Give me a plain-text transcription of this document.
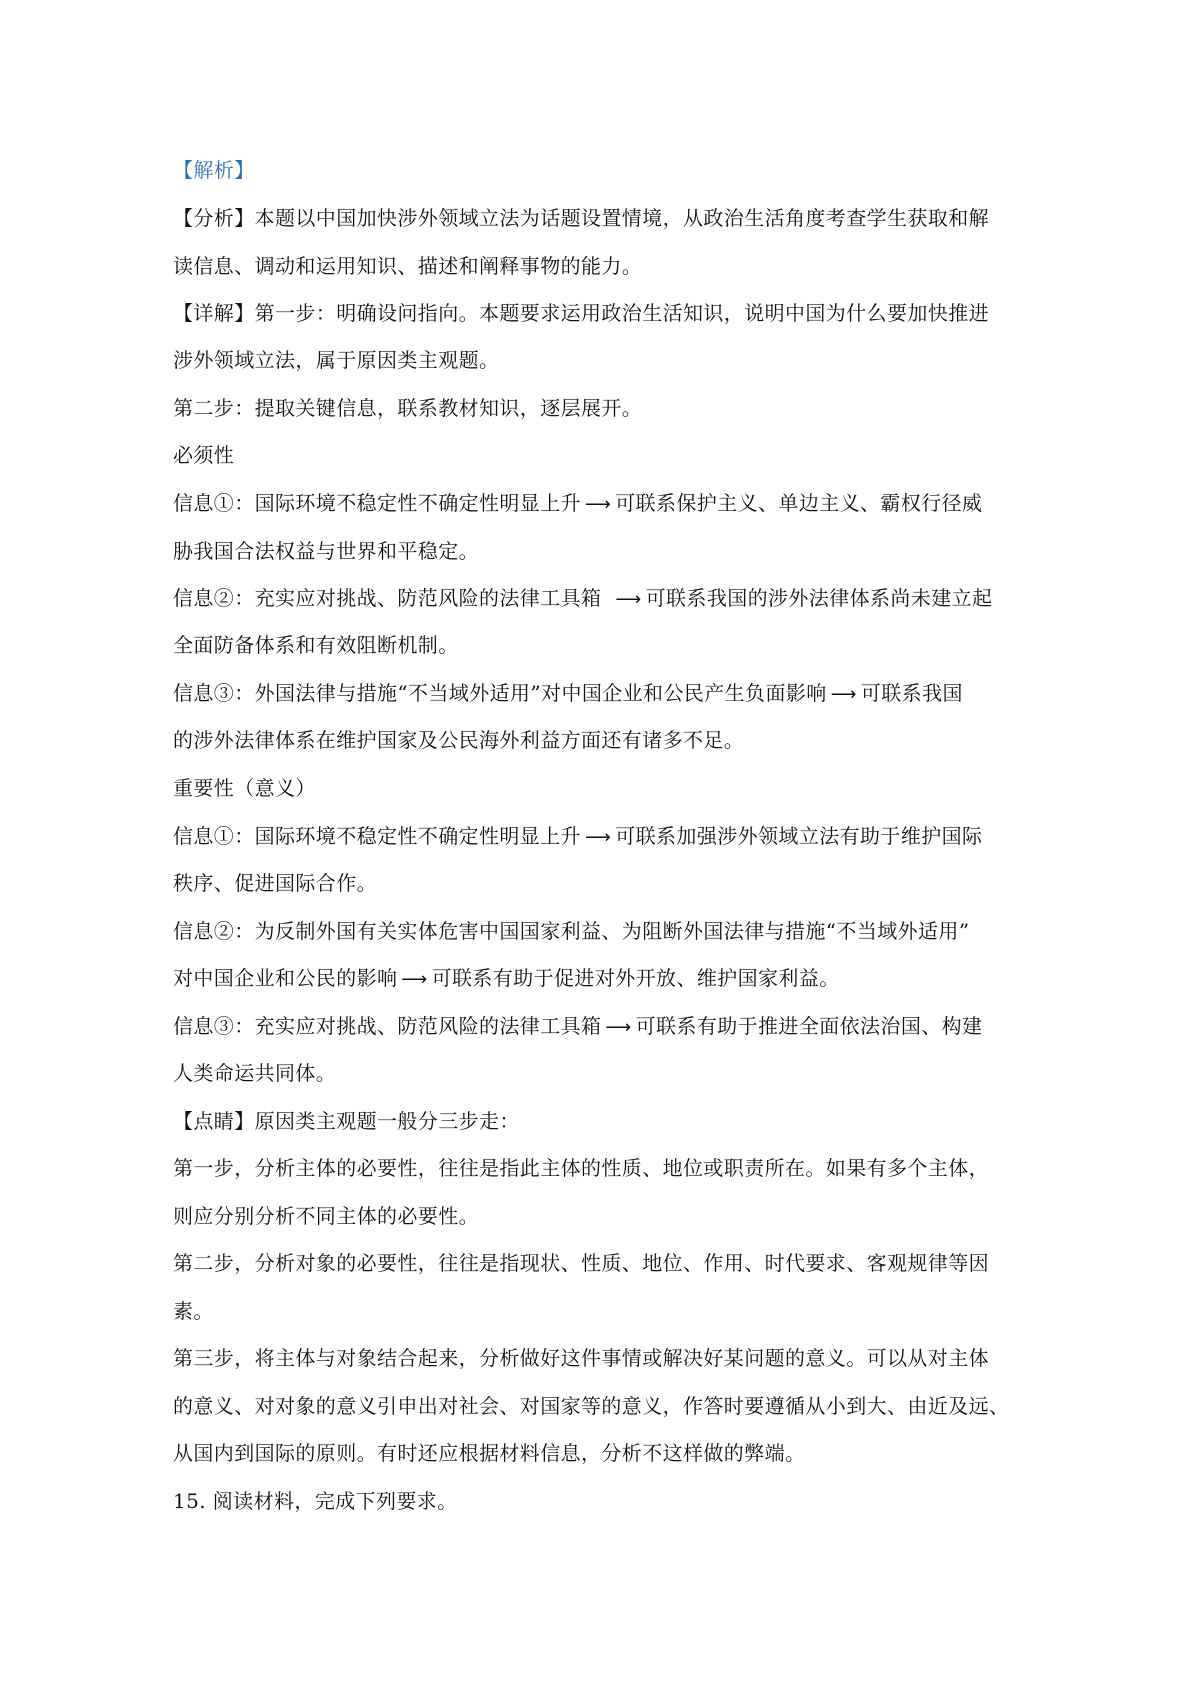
【解析】
【分析】本题以中国加快涉外领域立法为话题设置情境，从政治生活角度考查学生获取和解
读信息、调动和运用知识、描述和阐释事物的能力。
【详解】第一步：明确设问指向。本题要求运用政治生活知识，说明中国为什么要加快推进
涉外领域立法，属于原因类主观题。
第二步：提取关键信息，联系教材知识，逐层展开。
必须性
信息①：国际环境不稳定性不确定性明显上升 ⟶ 可联系保护主义、单边主义、霸权行径威
胁我国合法权益与世界和平稳定。
信息②：充实应对挑战、防范风险的法律工具箱 ⟶ 可联系我国的涉外法律体系尚未建立起
全面防备体系和有效阻断机制。
信息③：外国法律与措施“不当域外适用”对中国企业和公民产生负面影响 ⟶ 可联系我国
的涉外法律体系在维护国家及公民海外利益方面还有诸多不足。
重要性（意义）
信息①：国际环境不稳定性不确定性明显上升 ⟶ 可联系加强涉外领域立法有助于维护国际
秩序、促进国际合作。
信息②：为反制外国有关实体危害中国国家利益、为阻断外国法律与措施“不当域外适用”
对中国企业和公民的影响 ⟶ 可联系有助于促进对外开放、维护国家利益。
信息③：充实应对挑战、防范风险的法律工具箱 ⟶ 可联系有助于推进全面依法治国、构建
人类命运共同体。
【点睛】原因类主观题一般分三步走：
第一步，分析主体的必要性，往往是指此主体的性质、地位或职责所在。如果有多个主体，
则应分别分析不同主体的必要性。
第二步，分析对象的必要性，往往是指现状、性质、地位、作用、时代要求、客观规律等因
素。
第三步，将主体与对象结合起来，分析做好这件事情或解决好某问题的意义。可以从对主体
的意义、对对象的意义引申出对社会、对国家等的意义，作答时要遵循从小到大、由近及远、
从国内到国际的原则。有时还应根据材料信息，分析不这样做的弊端。
15. 阅读材料，完成下列要求。
